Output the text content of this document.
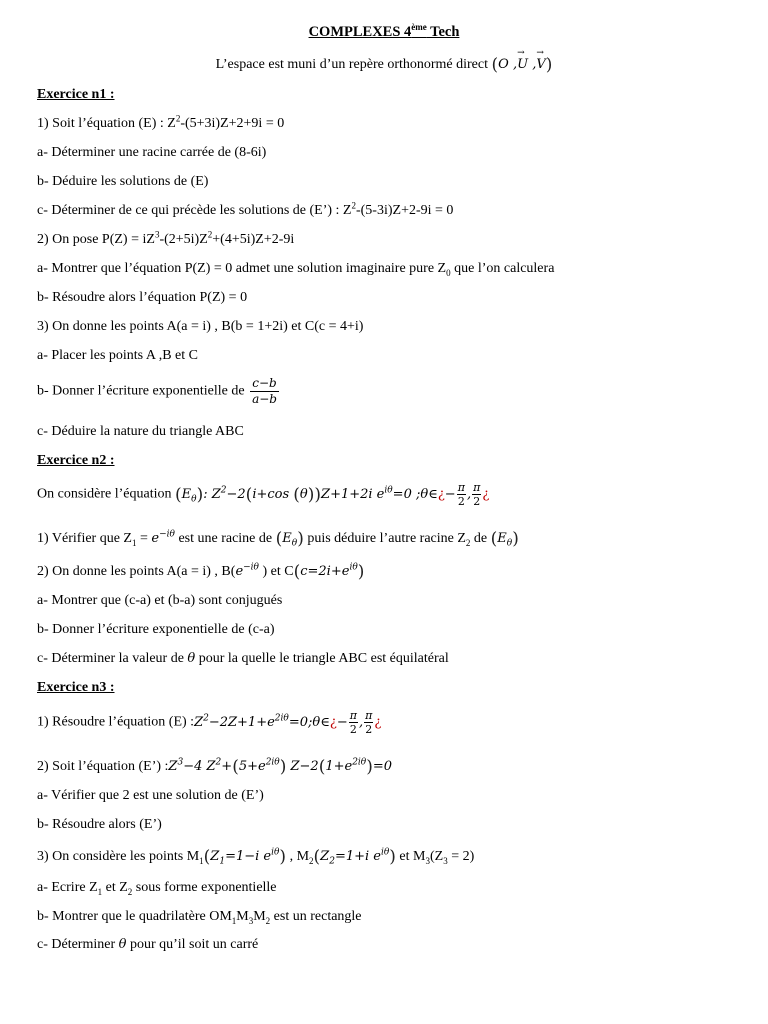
COMPLEXES 4ème Tech
L’espace est muni d’un repère orthonormé direct (O ,→ U ,→ V)
Exercice n1 :
1) Soit l’équation (E) : $Z^2-(5+3i)Z+2+9i = 0$
a- Déterminer une racine carrée de (8-6i)
b- Déduire les solutions de (E)
c- Déterminer de ce qui précède les solutions de (E’) : $Z^2-(5-3i)Z+2-9i = 0$
2) On pose $P(Z) = iZ^3-(2+5i)Z^2+(4+5i)Z+2-9i$
a- Montrer que l’équation P(Z) = 0 admet une solution imaginaire pure $Z_0$ que l’on calculera
b- Résoudre alors l’équation P(Z) = 0
3) On donne les points A(a = i) , B(b = 1+2i) et C(c = 4+i)
a- Placer les points A ,B et C
b- Donner l’écriture exponentielle de $\frac{c-b}{a-b}$
c- Déduire la nature du triangle ABC
Exercice n2 :
On considère l’équation $(E_\theta)$: $Z^2-2(i+\cos$ (θ))Z+1+2i $e^{i\theta}=0$ ;θ∈¿− $\frac{\pi}{2}$ , $\frac{\pi}{2}$ ¿
1) Vérifier que $Z_1 = e^{-i\theta}$ est une racine de $(E_\theta)$ puis déduire l’autre racine $Z_2$ de $(E_\theta)$
2) On donne les points A(a = i) , $B(e^{-i\theta}$ ) et $C(c=2i+e^{i\theta})$
a- Montrer que (c-a) et (b-a) sont conjugués
b- Donner l’écriture exponentielle de (c-a)
c- Déterminer la valeur de θ pour la quelle le triangle ABC est équilatéral
Exercice n3 :
1) Résoudre l’équation (E) $:Z^2-2Z+1+e^{2i\theta}=0;\theta\in¿- \frac{\pi}{2}$ , $\frac{\pi}{2}$ ¿
2) Soit l’équation (E’) $:Z^3-4$ $Z^2+(5+e^{2i\theta})$ $Z-2(1+e^{2i\theta})=0$
a- Vérifier que 2 est une solution de (E’)
b- Résoudre alors (E’)
3) On considère les points $M_1(Z_1=1-i$ $e^{i\theta}$) , $M_2(Z_2=1+i$ $e^{i\theta}$) et $M_3(Z_3 = 2)$
a- Ecrire $Z_1$ et $Z_2$ sous forme exponentielle
b- Montrer que le quadrilatère $OM_1M_3M_2$ est un rectangle
c- Déterminer θ pour qu’il soit un carré
